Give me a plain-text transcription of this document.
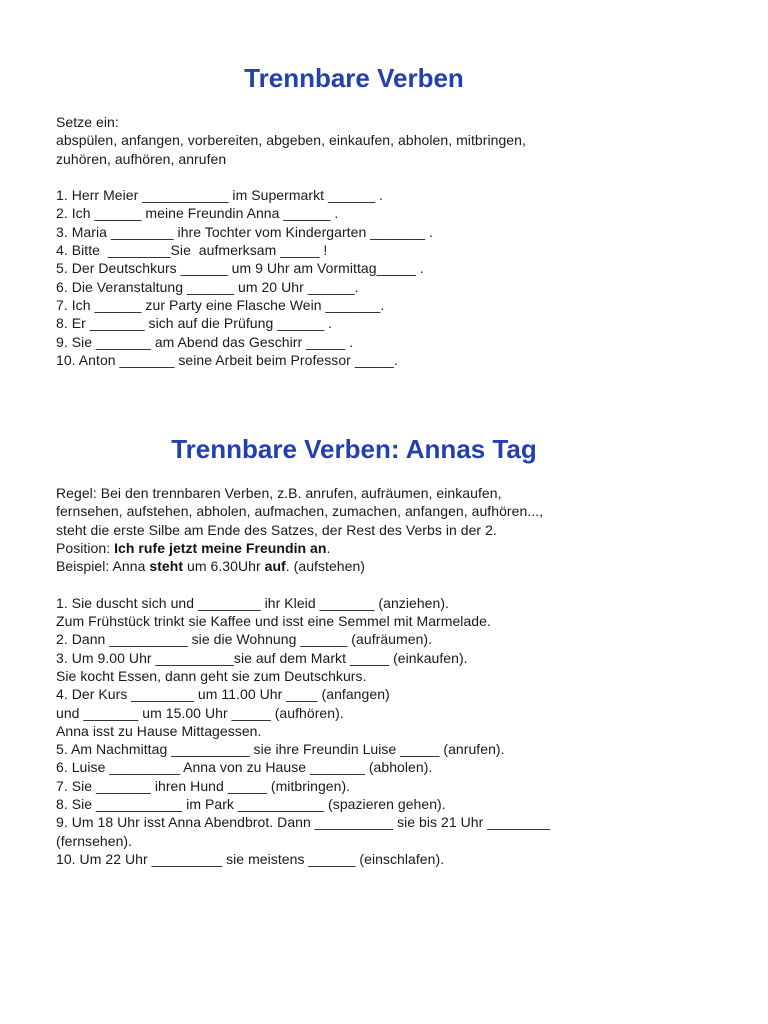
Trennbare Verben
Setze ein:
abspülen, anfangen, vorbereiten, abgeben, einkaufen, abholen, mitbringen,
zuhören, aufhören, anrufen
1. Herr Meier ___________ im Supermarkt ______ .
2. Ich ______ meine Freundin Anna ______ .
3. Maria ________ ihre Tochter vom Kindergarten _______ .
4. Bitte  ________Sie  aufmerksam _____ !
5. Der Deutschkurs ______ um 9 Uhr am Vormittag_____ .
6. Die Veranstaltung ______ um 20 Uhr ______.
7. Ich ______ zur Party eine Flasche Wein _______.
8. Er _______ sich auf die Prüfung ______ .
9. Sie _______ am Abend das Geschirr _____ .
10. Anton _______ seine Arbeit beim Professor _____.
Trennbare Verben: Annas Tag
Regel: Bei den trennbaren Verben, z.B. anrufen, aufräumen, einkaufen,
fernsehen, aufstehen, abholen, aufmachen, zumachen, anfangen, aufhören...,
steht die erste Silbe am Ende des Satzes, der Rest des Verbs in der 2.
Position: Ich rufe jetzt meine Freundin an.
Beispiel: Anna steht um 6.30Uhr auf. (aufstehen)
1. Sie duscht sich und ________ ihr Kleid _______ (anziehen).
Zum Frühstück trinkt sie Kaffee und isst eine Semmel mit Marmelade.
2. Dann __________ sie die Wohnung ______ (aufräumen).
3. Um 9.00 Uhr __________sie auf dem Markt _____ (einkaufen).
Sie kocht Essen, dann geht sie zum Deutschkurs.
4. Der Kurs ________ um 11.00 Uhr ____ (anfangen)
und _______ um 15.00 Uhr _____ (aufhören).
Anna isst zu Hause Mittagessen.
5. Am Nachmittag __________ sie ihre Freundin Luise _____ (anrufen).
6. Luise _________ Anna von zu Hause _______ (abholen).
7. Sie _______ ihren Hund _____ (mitbringen).
8. Sie ___________ im Park ___________ (spazieren gehen).
9. Um 18 Uhr isst Anna Abendbrot. Dann __________ sie bis 21 Uhr ________
(fernsehen).
10. Um 22 Uhr _________ sie meistens ______ (einschlafen).
